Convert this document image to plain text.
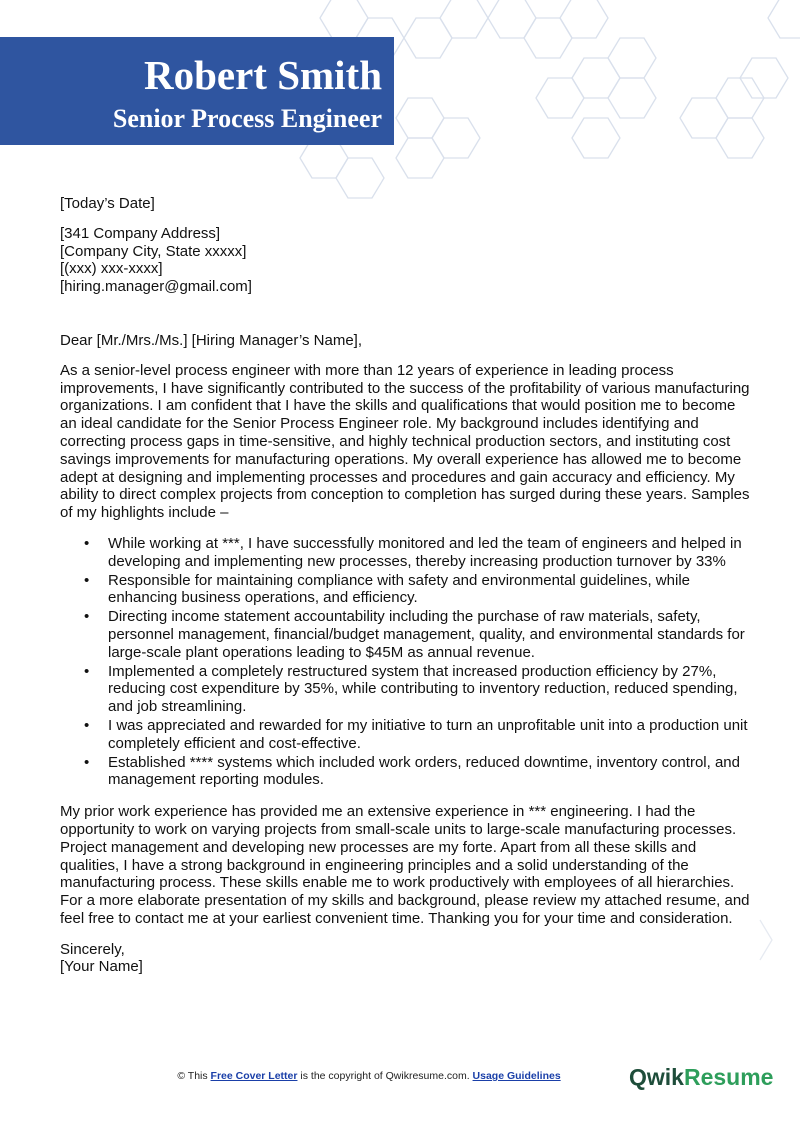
Robert Smith
Senior Process Engineer

[Today’s Date]

[341 Company Address]

[Company City, State xxxxx]

[(xxx) xxx-xxxx]

[hiring.manager@gmail.com]

Dear [Mr./Mrs./Ms.] [Hiring Manager’s Name],

As a senior-level process engineer with more than 12 years of experience in leading process improvements, I have significantly contributed to the success of the profitability of various manufacturing organizations. I am confident that I have the skills and qualifications that would position me to become an ideal candidate for the Senior Process Engineer role. My background includes identifying and correcting process gaps in time-sensitive, and highly technical production sectors, and instituting cost savings improvements for manufacturing operations. My overall experience has allowed me to become adept at designing and implementing processes and procedures and gain accuracy and efficiency. My ability to direct complex projects from conception to completion has surged during these years. Samples of my highlights include –

• While working at ***, I have successfully monitored and led the team of engineers and helped in developing and implementing new processes, thereby increasing production turnover by 33%
• Responsible for maintaining compliance with safety and environmental guidelines, while enhancing business operations, and efficiency.
• Directing income statement accountability including the purchase of raw materials, safety, personnel management, financial/budget management, quality, and environmental standards for large-scale plant operations leading to $45M as annual revenue.
• Implemented a completely restructured system that increased production efficiency by 27%, reducing cost expenditure by 35%, while contributing to inventory reduction, reduced spending, and job streamlining.
• I was appreciated and rewarded for my initiative to turn an unprofitable unit into a production unit completely efficient and cost-effective.
• Established **** systems which included work orders, reduced downtime, inventory control, and management reporting modules.

My prior work experience has provided me an extensive experience in *** engineering. I had the opportunity to work on varying projects from small-scale units to large-scale manufacturing processes. Project management and developing new processes are my forte. Apart from all these skills and qualities, I have a strong background in engineering principles and a solid understanding of the manufacturing process. These skills enable me to work productively with employees of all hierarchies. For a more elaborate presentation of my skills and background, please review my attached resume, and feel free to contact me at your earliest convenient time. Thanking you for your time and consideration.

Sincerely,

[Your Name]

© This Free Cover Letter is the copyright of Qwikresume.com. Usage Guidelines	QwikResume
